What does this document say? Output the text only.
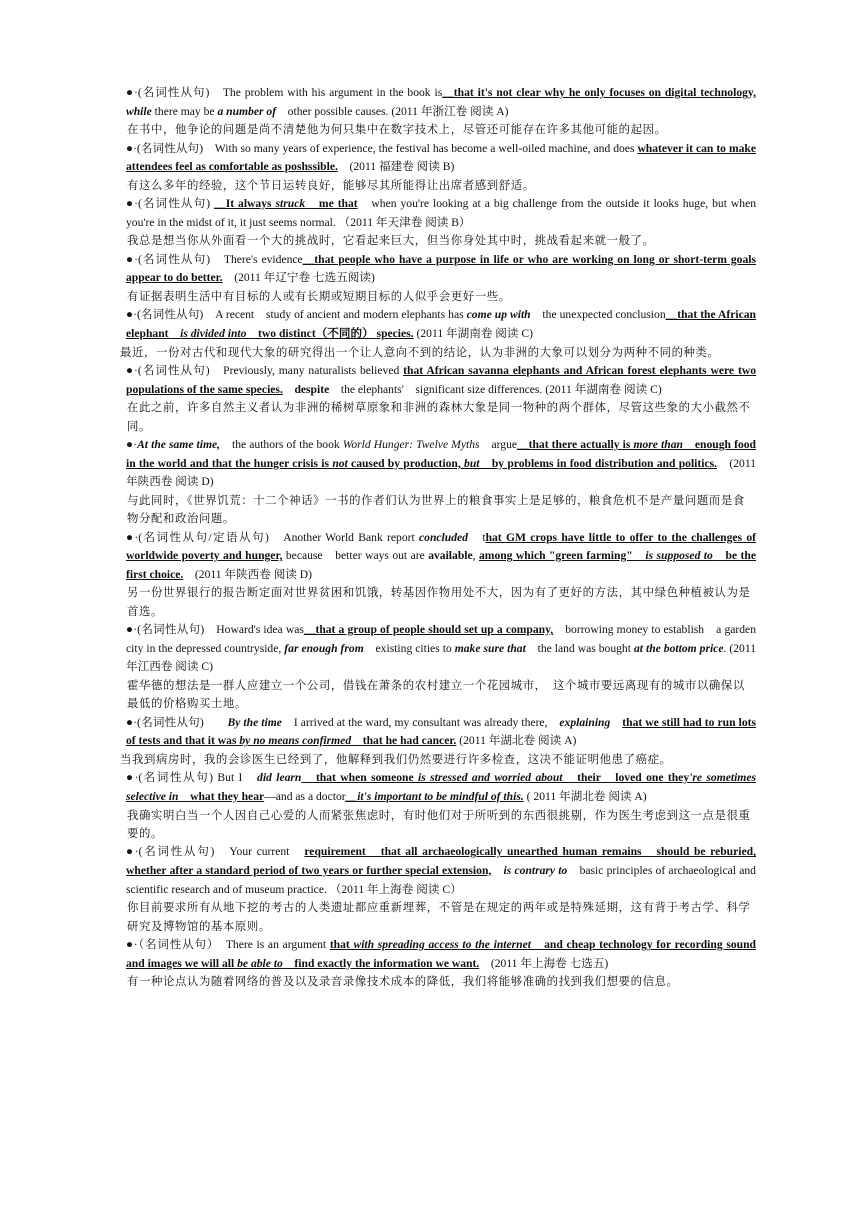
●·(名词性从句)　The problem with his argument in the book is__that it's not clear why he only focuses on digital technology, while there may be a number of　other possible causes. (2011 年浙江卷 阅读 A)

在书中，他争论的问题是尚不清楚他为何只集中在数字技术上，尽管还可能存在许多其他可能的起因。

●·(名词性从句)　With so many years of experience, the festival has become a well-oiled machine, and does whatever it can to make attendees feel as comfortable as poshssible.　(2011 福建卷 阅读 B)

有这么多年的经验，这个节日运转良好，能够尽其所能得让出席者感到舒适。

●·(名词性从句) __It always struck　me that　when you're looking at a big challenge from the outside it looks huge, but when you're in the midst of it, it just seems normal. （2011 年天津卷 阅读 B）

我总是想当你从外面看一个大的挑战时，它看起来巨大，但当你身处其中时，挑战看起来就一般了。

●·(名词性从句)　There's evidence__that people who have a purpose in life or who are working on long or short-term goals appear to do better.　(2011 年辽宁卷 七选五阅读)

有证据表明生活中有目标的人或有长期或短期目标的人似乎会更好一些。

●·(名词性从句)　A recent　study of ancient and modern elephants has come up with　the unexpected conclusion__that the African elephant　is divided into　two distinct（不同的） species. (2011 年湖南卷 阅读 C)

最近，一份对古代和现代大象的研究得出一个让人意向不到的结论，认为非洲的大象可以划分为两种不同的种类。

●·(名词性从句)　Previously, many naturalists believed that African savanna elephants and African forest elephants were two populations of the same species.　despite　the elephants'　significant size differences. (2011 年湖南卷 阅读 C)

在此之前，许多自然主义者认为非洲的稀树草原象和非洲的森林大象是同一物种的两个群体，尽管这些象的大小截然不同。

●·At the same time,　the authors of the book World Hunger: Twelve Myths　argue__that there actually is more than　enough food in the world and that the hunger crisis is not caused by production, but　by problems in food distribution and politics.　(2011 年陕西卷 阅读 D)

与此同时，《世界饥荒：十二个神话》一书的作者们认为世界上的粮食事实上是足够的，粮食危机不是产量问题而是食物分配和政治问题。

●·(名词性从句/定语从句)　Another World Bank report concluded　that GM crops have little to offer to the challenges of worldwide poverty and hunger, because　better ways out are available, among which "green farming"　is supposed to　be the first choice.　(2011 年陕西卷 阅读 D)

另一份世界银行的报告断定面对世界贫困和饥饿，转基因作物用处不大，因为有了更好的方法，其中绿色种植被认为是首选。

●·(名词性从句)　Howard's idea was__that a group of people should set up a company,　borrowing money to establish　a garden city in the depressed countryside, far enough from　existing cities to make sure that　the land was bought at the bottom price. (2011 年江西卷 阅读 C)

霍华德的想法是一群人应建立一个公司，借钱在萧条的农村建立一个花园城市，　这个城市要远离现有的城市以确保以最低的价格购买土地。

●·(名词性从句)　　By the time　I arrived at the ward, my consultant was already there,　explaining　 that we still had to run lots of tests and that it was by no means confirmed　that he had cancer. (2011 年湖北卷 阅读 A)

当我到病房时，我的会诊医生已经到了，他解释到我们仍然要进行许多检查，这决不能证明他患了癌症。

●·(名词性从句) But I　did learn　that when someone is stressed and worried about　their　loved one they're sometimes selective in　what they hear—and as a doctor__it's important to be mindful of this. ( 2011 年湖北卷 阅读 A)

我确实明白当一个人因自己心爱的人而紧张焦虑时，有时他们对于所听到的东西很挑剔，作为医生考虑到这一点是很重要的。

●·(名词性从句)　Your current　requirement　that all archaeologically unearthed human remains　should be reburied, whether after a standard period of two years or further special extension,　 is contrary to　basic principles of archaeological and scientific research and of museum practice. （2011 年上海卷 阅读 C）

你目前要求所有从地下挖的考古的人类遗址都应重新埋葬，不管是在规定的两年或是特殊延期，这有背于考古学、科学研究及博物馆的基本原则。

●·（名词性从句）　There is an argument that with spreading access to the internet　and cheap technology for recording sound and images we will all be able to　find exactly the information we want.　(2011 年上海卷 七选五)

有一种论点认为随着网络的普及以及录音录像技术成本的降低，我们将能够准确的找到我们想要的信息。
